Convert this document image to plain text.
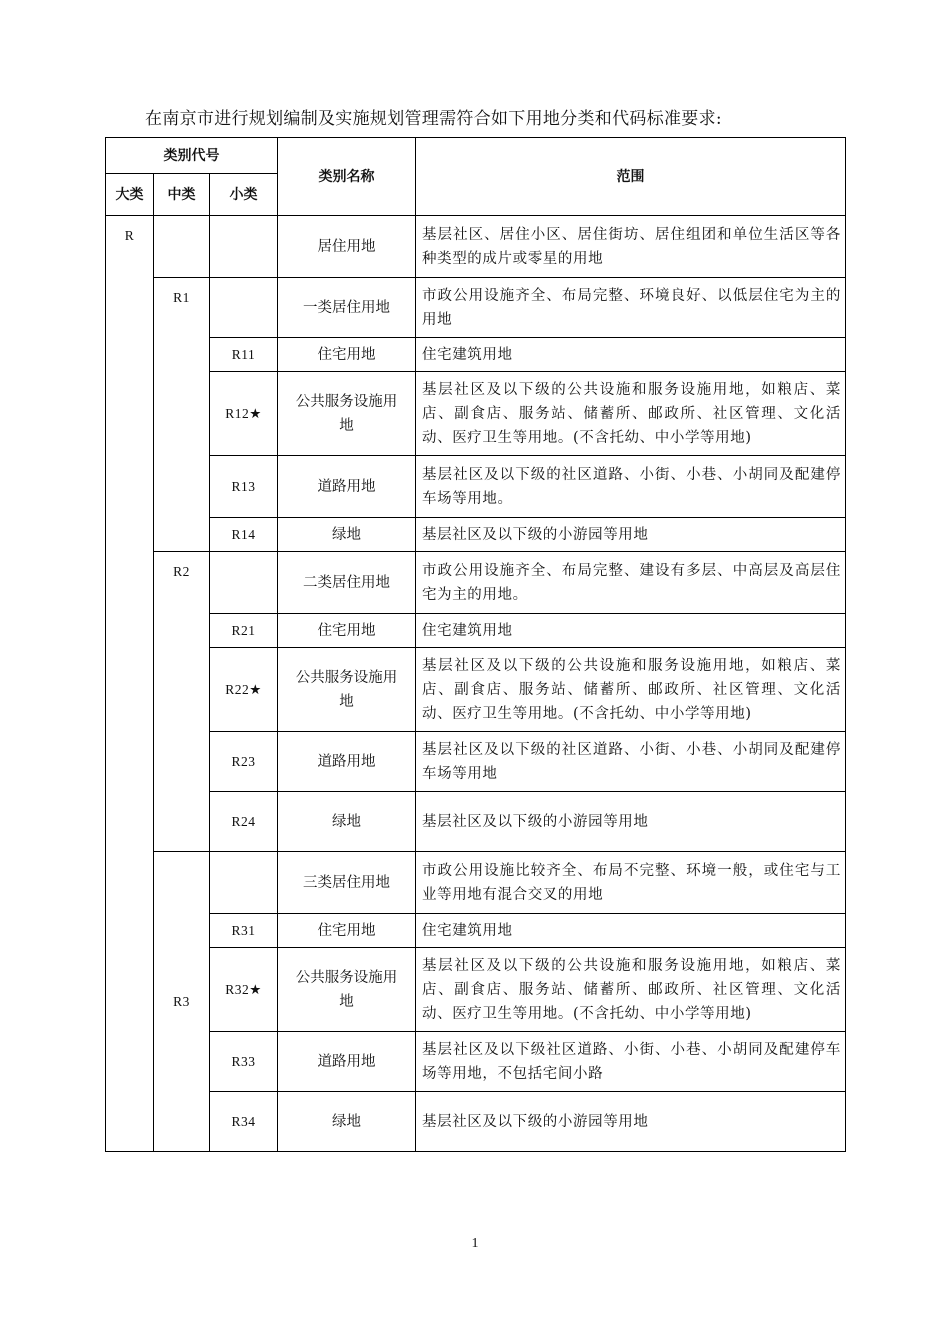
在南京市进行规划编制及实施规划管理需符合如下用地分类和代码标准要求:
类别代号			类别名称	范围
大类	中类	小类		
R			居住用地	基层社区、居住小区、居住街坊、居住组团和单位生活区等各种类型的成片或零星的用地
	R1		一类居住用地	市政公用设施齐全、布局完整、环境良好、以低层住宅为主的用地
		R11	住宅用地	住宅建筑用地
		R12★	公共服务设施用地	基层社区及以下级的公共设施和服务设施用地，如粮店、菜店、副食店、服务站、储蓄所、邮政所、社区管理、文化活动、医疗卫生等用地。(不含托幼、中小学等用地)
		R13	道路用地	基层社区及以下级的社区道路、小街、小巷、小胡同及配建停车场等用地。
		R14	绿地	基层社区及以下级的小游园等用地
	R2		二类居住用地	市政公用设施齐全、布局完整、建设有多层、中高层及高层住宅为主的用地。
		R21	住宅用地	住宅建筑用地
		R22★	公共服务设施用地	基层社区及以下级的公共设施和服务设施用地，如粮店、菜店、副食店、服务站、储蓄所、邮政所、社区管理、文化活动、医疗卫生等用地。(不含托幼、中小学等用地)
		R23	道路用地	基层社区及以下级的社区道路、小街、小巷、小胡同及配建停车场等用地
		R24	绿地	基层社区及以下级的小游园等用地
	R3		三类居住用地	市政公用设施比较齐全、布局不完整、环境一般，或住宅与工业等用地有混合交叉的用地
		R31	住宅用地	住宅建筑用地
		R32★	公共服务设施用地	基层社区及以下级的公共设施和服务设施用地，如粮店、菜店、副食店、服务站、储蓄所、邮政所、社区管理、文化活动、医疗卫生等用地。(不含托幼、中小学等用地)
		R33	道路用地	基层社区及以下级社区道路、小街、小巷、小胡同及配建停车场等用地，不包括宅间小路
		R34	绿地	基层社区及以下级的小游园等用地
1
